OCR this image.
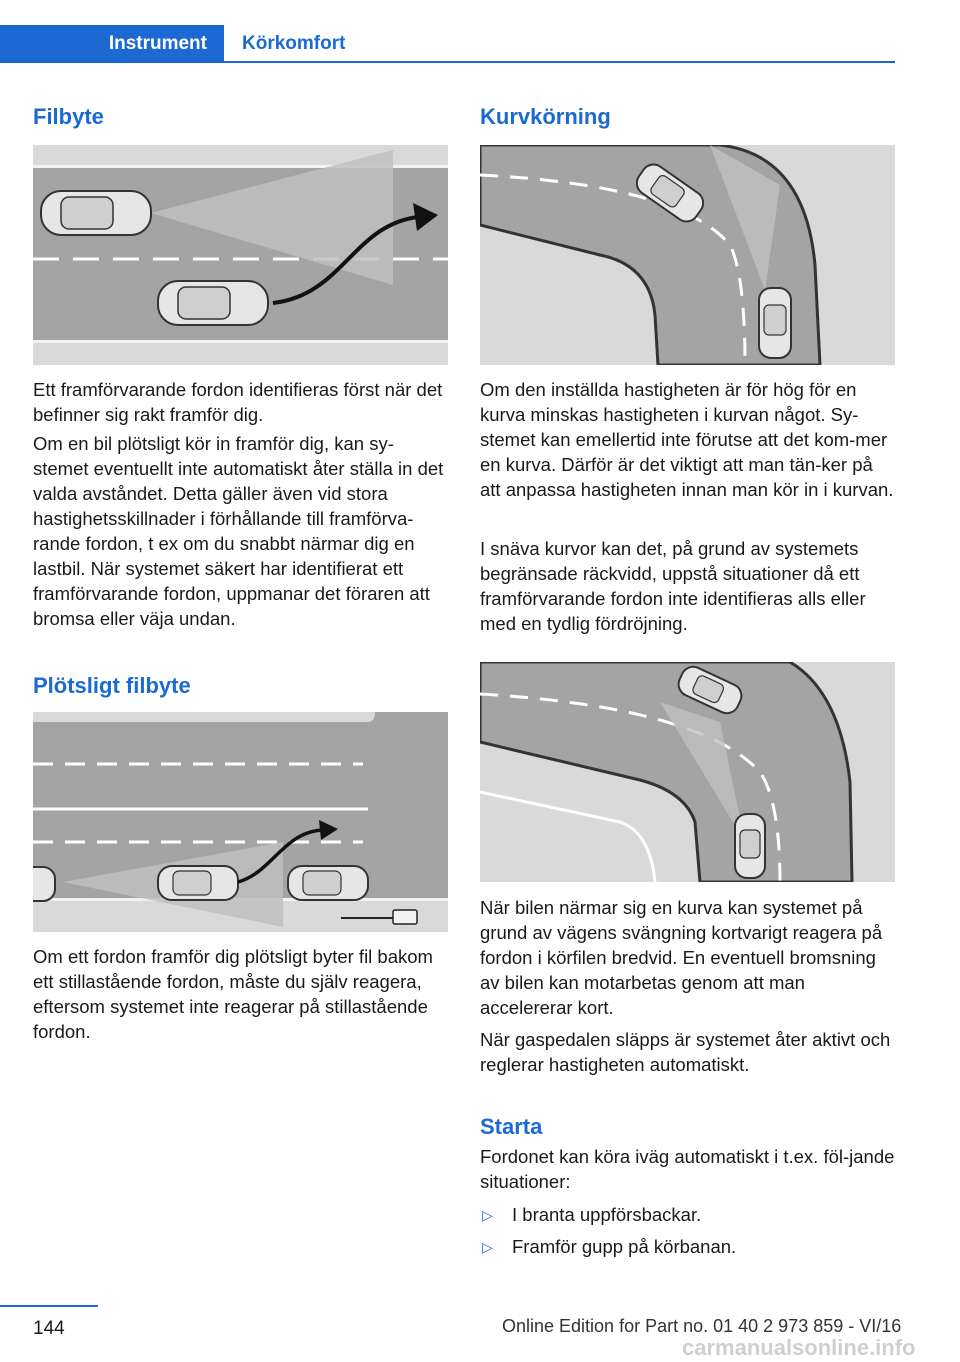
Instrument	Körkomfort
Filbyte

Ett framförvarande fordon identifieras först när det befinner sig rakt framför dig.

Om en bil plötsligt kör in framför dig, kan sy-stemet eventuellt inte automatiskt åter ställa in det valda avståndet. Detta gäller även vid stora hastighetsskillnader i förhållande till framförva-rande fordon, t ex om du snabbt närmar dig en lastbil. När systemet säkert har identifierat ett framförvarande fordon, uppmanar det föraren att bromsa eller väja undan.

Plötsligt filbyte

Om ett fordon framför dig plötsligt byter fil bakom ett stillastående fordon, måste du själv reagera, eftersom systemet inte reagerar på stillastående fordon.

Kurvkörning

Om den inställda hastigheten är för hög för en kurva minskas hastigheten i kurvan något. Sy-stemet kan emellertid inte förutse att det kom-mer en kurva. Därför är det viktigt att man tän-ker på att anpassa hastigheten innan man kör in i kurvan.

I snäva kurvor kan det, på grund av systemets begränsade räckvidd, uppstå situationer då ett framförvarande fordon inte identifieras alls eller med en tydlig fördröjning.

När bilen närmar sig en kurva kan systemet på grund av vägens svängning kortvarigt reagera på fordon i körfilen bredvid. En eventuell bromsning av bilen kan motarbetas genom att man accelererar kort.

När gaspedalen släpps är systemet åter aktivt och reglerar hastigheten automatiskt.

Starta

Fordonet kan köra iväg automatiskt i t.ex. föl-jande situationer:

▷ I branta uppförsbackar.
▷ Framför gupp på körbanan.
144	Online Edition for Part no. 01 40 2 973 859 - VI/16
carmanualsonline.info
